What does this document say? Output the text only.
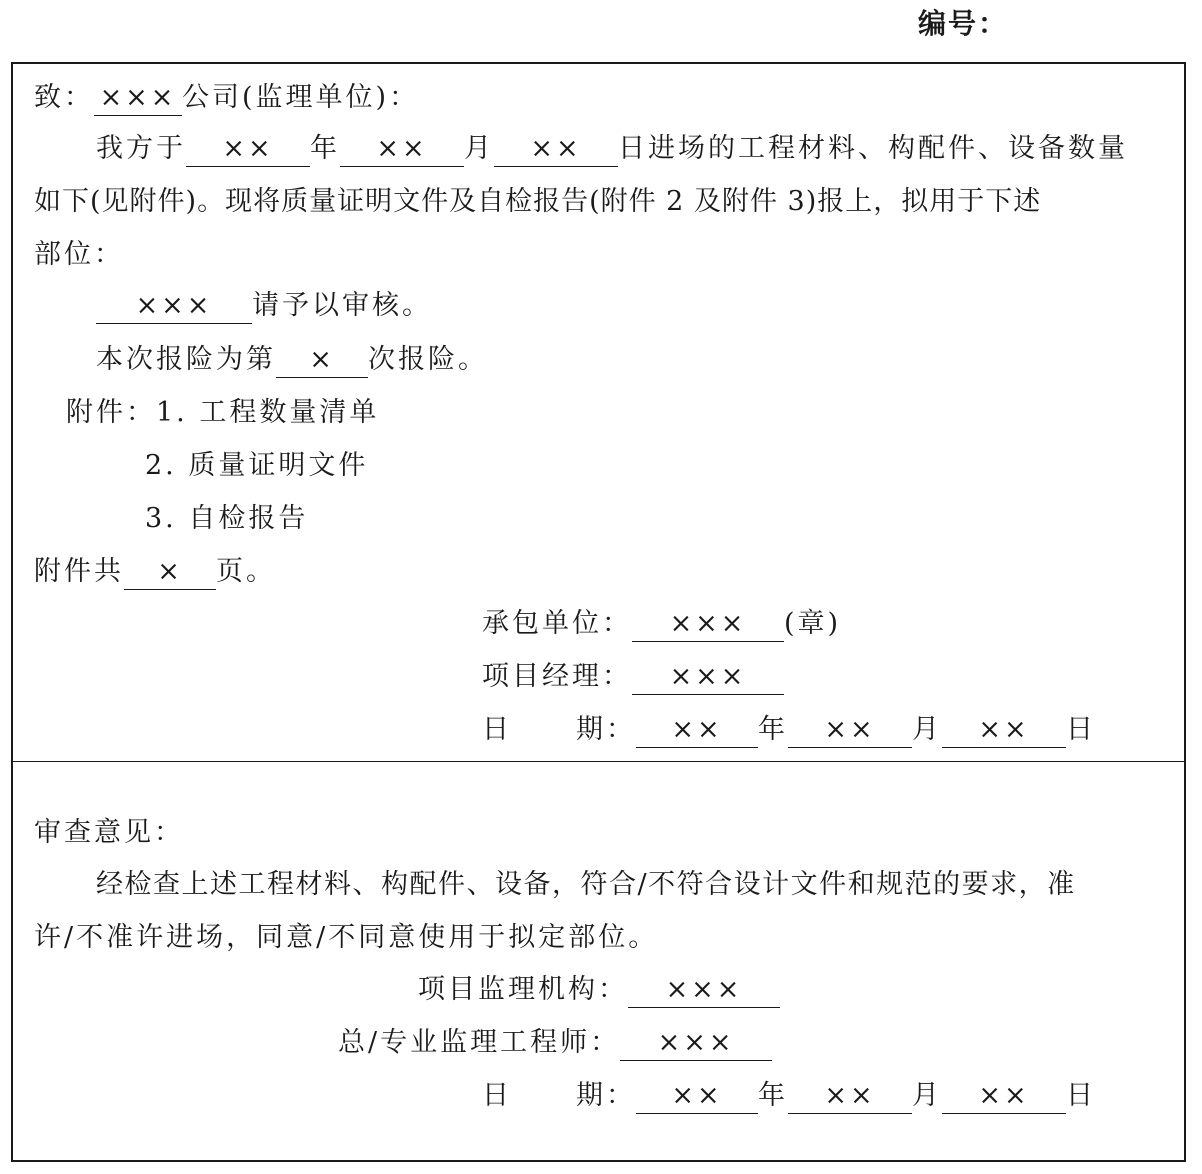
编号：
致： ××× 公司(监理单位)：
我方于 ×× 年 ×× 月 ×× 日进场的工程材料、构配件、设备数量
如下(见附件)。现将质量证明文件及自检报告(附件 2 及附件 3)报上，拟用于下述
部位：
××× 请予以审核。
本次报险为第 × 次报险。
附件：1. 工程数量清单
2. 质量证明文件
3. 自检报告
附件共 × 页。
承包单位： ××× (章)
项目经理： ×××
日 期： ×× 年 ×× 月 ×× 日
审查意见：
经检查上述工程材料、构配件、设备，符合/不符合设计文件和规范的要求，准
许/不准许进场，同意/不同意使用于拟定部位。
项目监理机构： ×××
总/专业监理工程师： ×××
日 期： ×× 年 ×× 月 ×× 日
